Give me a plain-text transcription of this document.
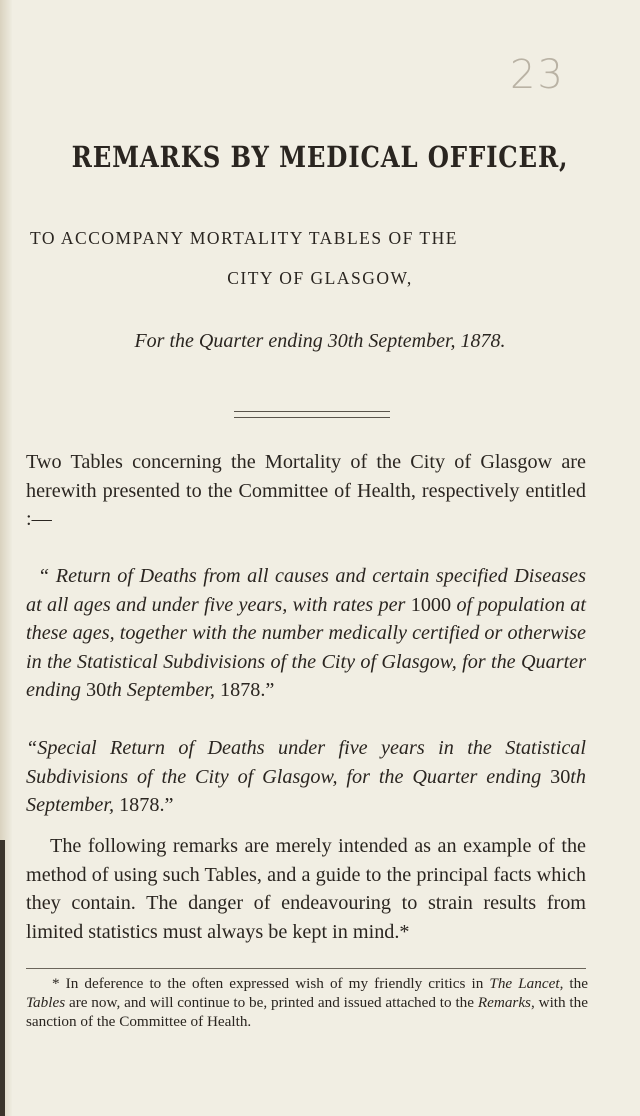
23
REMARKS BY MEDICAL OFFICER,
TO ACCOMPANY MORTALITY TABLES OF THE
CITY OF GLASGOW,
For the Quarter ending 30th September, 1878.

Two Tables concerning the Mortality of the City of Glasgow are herewith presented to the Committee of Health, respectively entitled :—

“ Return of Deaths from all causes and certain specified Diseases at all ages and under five years, with rates per 1000 of population at these ages, together with the number medically certified or otherwise in the Statistical Subdivisions of the City of Glasgow, for the Quarter ending 30th September, 1878.”

“Special Return of Deaths under five years in the Statistical Subdivisions of the City of Glasgow, for the Quarter ending 30th September, 1878.”

The following remarks are merely intended as an example of the method of using such Tables, and a guide to the principal facts which they contain. The danger of endeavouring to strain results from limited statistics must always be kept in mind.*

* In deference to the often expressed wish of my friendly critics in The Lancet, the Tables are now, and will continue to be, printed and issued attached to the Remarks, with the sanction of the Committee of Health.
